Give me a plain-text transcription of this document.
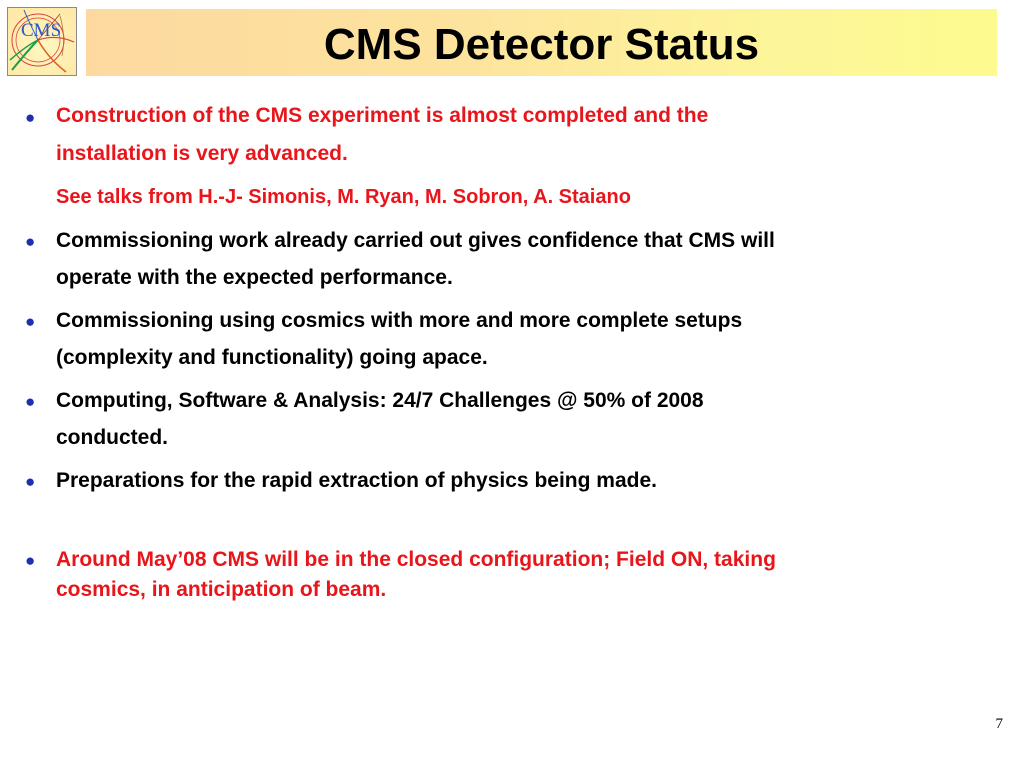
CMS	CMS Detector Status
● Construction of the CMS experiment is almost completed and the
installation is very advanced.
See talks from H.-J- Simonis, M. Ryan, M. Sobron, A. Staiano
● Commissioning work already carried out gives confidence that CMS will
operate with the expected performance.
● Commissioning using cosmics with more and more complete setups
(complexity and functionality) going apace.
● Computing, Software & Analysis: 24/7 Challenges @ 50% of 2008
conducted.
● Preparations for the rapid extraction of physics being made.
● Around May’08 CMS will be in the closed configuration; Field ON, taking
cosmics, in anticipation of beam.
7
